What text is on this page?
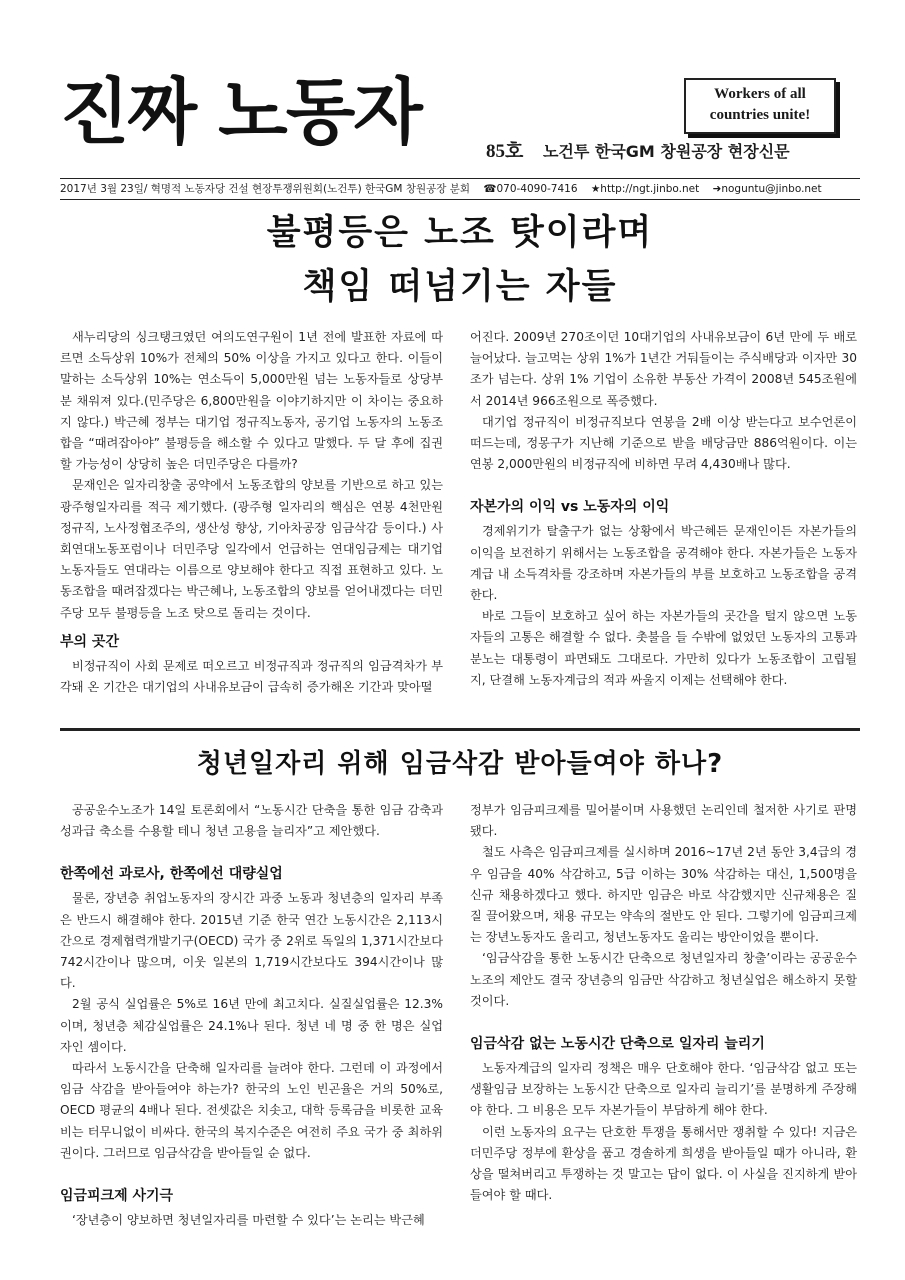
진짜 노동자	Workers of all
countries unite!
85호 노건투 한국GM 창원공장 현장신문
2017년 3월 23일/ 혁명적 노동자당 건설 현장투쟁위원회(노건투) 한국GM 창원공장 분회 ☎070-4090-7416 ★http://ngt.jinbo.net ➜noguntu@jinbo.net
불평등은 노조 탓이라며
책임 떠넘기는 자들

새누리당의 싱크탱크였던 여의도연구원이 1년 전에 발표한 자료에 따르면 소득상위 10%가 전체의 50% 이상을 가지고 있다고 한다. 이들이 말하는 소득상위 10%는 연소득이 5,000만원 넘는 노동자들로 상당부분 채워져 있다.(민주당은 6,800만원을 이야기하지만 이 차이는 중요하지 않다.) 박근혜 정부는 대기업 정규직노동자, 공기업 노동자의 노동조합을 “때려잡아야” 불평등을 해소할 수 있다고 말했다. 두 달 후에 집권할 가능성이 상당히 높은 더민주당은 다를까?

문재인은 일자리창출 공약에서 노동조합의 양보를 기반으로 하고 있는 광주형일자리를 적극 제기했다. (광주형 일자리의 핵심은 연봉 4천만원 정규직, 노사정협조주의, 생산성 향상, 기아차공장 임금삭감 등이다.) 사회연대노동포럼이나 더민주당 일각에서 언급하는 연대임금제는 대기업 노동자들도 연대라는 이름으로 양보해야 한다고 직접 표현하고 있다. 노동조합을 때려잡겠다는 박근혜나, 노동조합의 양보를 얻어내겠다는 더민주당 모두 불평등을 노조 탓으로 돌리는 것이다.

부의 곳간

비정규직이 사회 문제로 떠오르고 비정규직과 정규직의 임금격차가 부각돼 온 기간은 대기업의 사내유보금이 급속히 증가해온 기간과 맞아떨

어진다. 2009년 270조이던 10대기업의 사내유보금이 6년 만에 두 배로 늘어났다. 늘고먹는 상위 1%가 1년간 거둬들이는 주식배당과 이자만 30조가 넘는다. 상위 1% 기업이 소유한 부동산 가격이 2008년 545조원에서 2014년 966조원으로 폭증했다.

대기업 정규직이 비정규직보다 연봉을 2배 이상 받는다고 보수언론이 떠드는데, 정몽구가 지난해 기준으로 받을 배당금만 886억원이다. 이는 연봉 2,000만원의 비정규직에 비하면 무려 4,430배나 많다.

자본가의 이익 vs 노동자의 이익

경제위기가 탈출구가 없는 상황에서 박근혜든 문재인이든 자본가들의 이익을 보전하기 위해서는 노동조합을 공격해야 한다. 자본가들은 노동자계급 내 소득격차를 강조하며 자본가들의 부를 보호하고 노동조합을 공격한다.

바로 그들이 보호하고 싶어 하는 자본가들의 곳간을 털지 않으면 노동자들의 고통은 해결할 수 없다. 촛불을 들 수밖에 없었던 노동자의 고통과 분노는 대통령이 파면돼도 그대로다. 가만히 있다가 노동조합이 고립될지, 단결해 노동자계급의 적과 싸울지 이제는 선택해야 한다.

청년일자리 위해 임금삭감 받아들여야 하나?

공공운수노조가 14일 토론회에서 “노동시간 단축을 통한 임금 감축과 성과급 축소를 수용할 테니 청년 고용을 늘리자”고 제안했다.

한쪽에선 과로사, 한쪽에선 대량실업

물론, 장년층 취업노동자의 장시간 과중 노동과 청년층의 일자리 부족은 반드시 해결해야 한다. 2015년 기준 한국 연간 노동시간은 2,113시간으로 경제협력개발기구(OECD) 국가 중 2위로 독일의 1,371시간보다 742시간이나 많으며, 이웃 일본의 1,719시간보다도 394시간이나 많다.

2월 공식 실업률은 5%로 16년 만에 최고치다. 실질실업률은 12.3%이며, 청년층 체감실업률은 24.1%나 된다. 청년 네 명 중 한 명은 실업자인 셈이다.

따라서 노동시간을 단축해 일자리를 늘려야 한다. 그런데 이 과정에서 임금 삭감을 받아들여야 하는가? 한국의 노인 빈곤율은 거의 50%로, OECD 평균의 4배나 된다. 전셋값은 치솟고, 대학 등록금을 비롯한 교육비는 터무니없이 비싸다. 한국의 복지수준은 여전히 주요 국가 중 최하위권이다. 그러므로 임금삭감을 받아들일 순 없다.

임금피크제 사기극

‘장년층이 양보하면 청년일자리를 마련할 수 있다’는 논리는 박근혜

정부가 임금피크제를 밀어붙이며 사용했던 논리인데 철저한 사기로 판명됐다.

철도 사측은 임금피크제를 실시하며 2016~17년 2년 동안 3,4급의 경우 임금을 40% 삭감하고, 5급 이하는 30% 삭감하는 대신, 1,500명을 신규 채용하겠다고 했다. 하지만 임금은 바로 삭감했지만 신규채용은 질질 끌어왔으며, 채용 규모는 약속의 절반도 안 된다. 그렇기에 임금피크제는 장년노동자도 울리고, 청년노동자도 울리는 방안이었을 뿐이다.

‘임금삭감을 통한 노동시간 단축으로 청년일자리 창출’이라는 공공운수노조의 제안도 결국 장년층의 임금만 삭감하고 청년실업은 해소하지 못할 것이다.

임금삭감 없는 노동시간 단축으로 일자리 늘리기

노동자계급의 일자리 정책은 매우 단호해야 한다. ‘임금삭감 없고 또는 생활임금 보장하는 노동시간 단축으로 일자리 늘리기’를 분명하게 주장해야 한다. 그 비용은 모두 자본가들이 부담하게 해야 한다.

이런 노동자의 요구는 단호한 투쟁을 통해서만 쟁취할 수 있다! 지금은 더민주당 정부에 환상을 품고 경솔하게 희생을 받아들일 때가 아니라, 환상을 떨쳐버리고 투쟁하는 것 말고는 답이 없다. 이 사실을 진지하게 받아들여야 할 때다.
